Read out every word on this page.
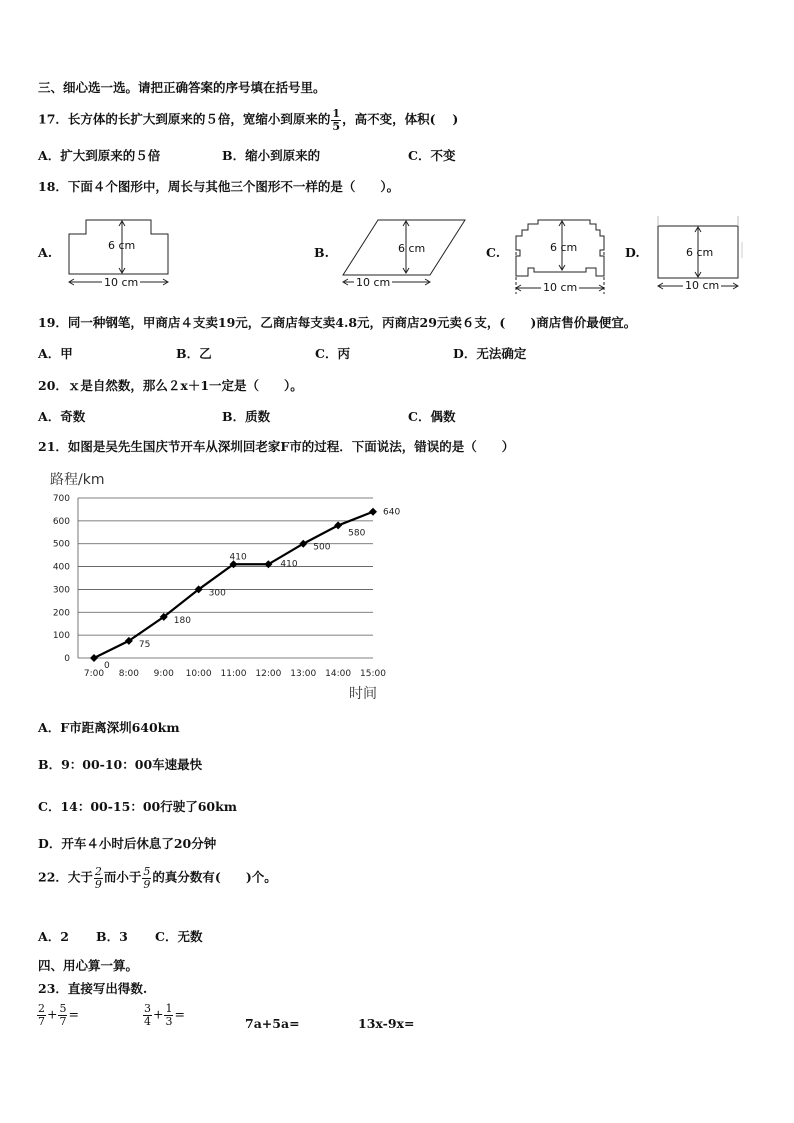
三、细心选一选。请把正确答案的序号填在括号里。
17．长方体的长扩大到原来的５倍，宽缩小到原来的 $\frac{1}{5}$ ，高不变，体积(　 )
A．扩大到原来的５倍	B．缩小到原来的	C．不变
18．下面４个图形中，周长与其他三个图形不一样的是（　　）。
A.	B.	C.	D.
6 cm
10 cm
6 cm
10 cm
6 cm
10 cm
6 cm
10 cm
19．同一种钢笔，甲商店４支卖19元，乙商店每支卖4.8元，丙商店29元卖６支，(　　)商店售价最便宜。
A．甲	B．乙	C．丙	D．无法确定
20．ｘ是自然数，那么２x＋1一定是（　　）。
A．奇数	B．质数	C．偶数
21．如图是吴先生国庆节开车从深圳回老家F市的过程．下面说法，错误的是（　　）
路程/km
0
100
200
300
400
500
600
700
7:00 8:00 9:00 10:00 11:00 12:00 13:00 14:00 15:00
时间
0
75
180
300
410
410
500
580
640
A．F市距离深圳640km
B．9：00-10：00车速最快
C．14：00-15：00行驶了60km
D．开车４小时后休息了20分钟
22．大于 $\frac{2}{9}$ 而小于 $\frac{5}{9}$ 的真分数有(　　)个。
A．2 B．3 C．无数
四、用心算一算。
23．直接写出得数.
$\frac{2}{7} + \frac{5}{7}$ =	$\frac{3}{4} + \frac{1}{3}$ =
7a+5a=	13x-9x=
